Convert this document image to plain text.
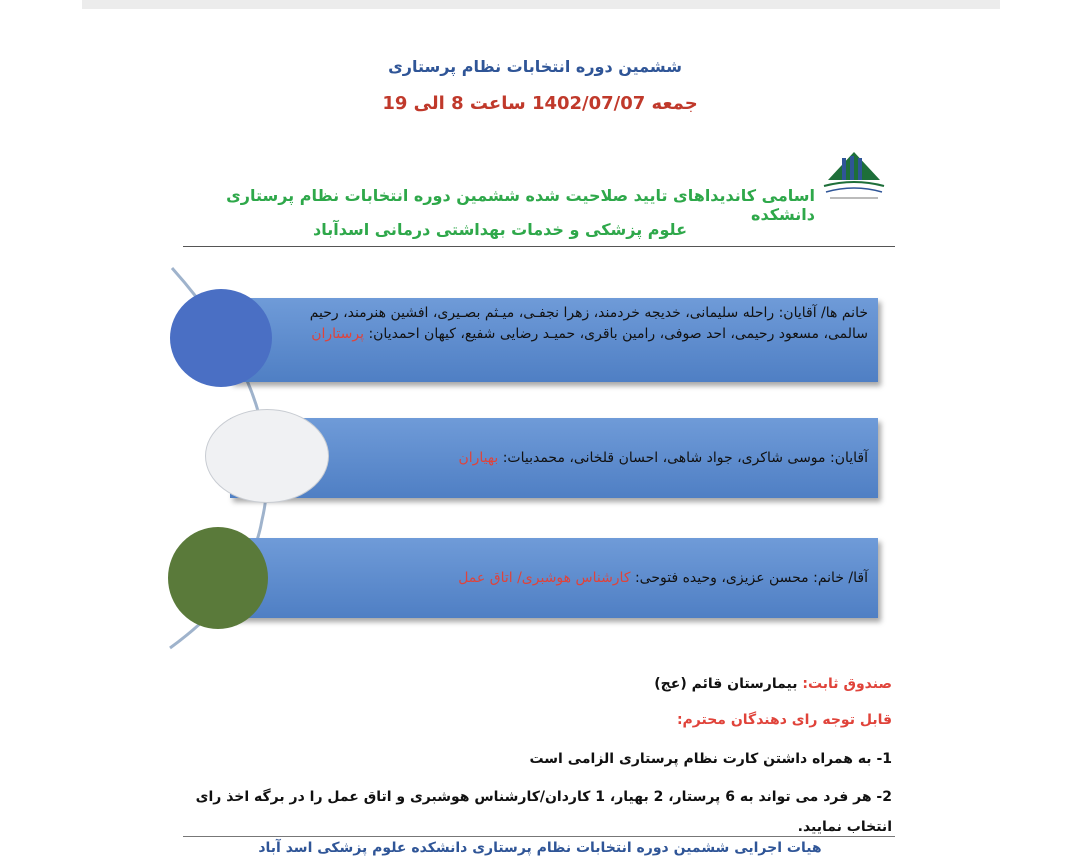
ششمین دوره انتخابات نظام پرستاری
جمعه 1402/07/07 ساعت 8 الی 19
اسامی کاندیداهای تایید صلاحیت شده ششمین دوره انتخابات نظام پرستاری دانشکده
علوم پزشکی و خدمات بهداشتی درمانی اسدآباد
خانم ها/ آقایان: راحله سلیمانی، خدیجه خردمند، زهرا نجفـی، میـثم بصـیری، افشین هنرمند، رحیم سالمی، مسعود رحیمی، احد صوفی، رامین باقری، حمیـد رضایی شفیع، کیهان احمدیان: پرستاران
آقایان: موسی شاکری، جواد شاهی، احسان قلخانی، محمدبیات:

بهیاران
آقا/ خانم: محسن عزیزی، وحیده فتوحی:

کارشناس هوشبری/ اتاق عمل
صندوق ثابت: بیمارستان قائم (عج)
قابل توجه رای دهندگان محترم:
1- به همراه داشتن کارت نظام پرستاری الزامی است
2- هر فرد می تواند به 6 پرستار، 2 بهیار، 1 کاردان/کارشناس هوشبری و اتاق عمل را در برگه اخذ رای انتخاب نمایید.
هیات اجرایی ششمین دوره انتخابات نظام پرستاری دانشکده علوم پزشکی اسد آباد
